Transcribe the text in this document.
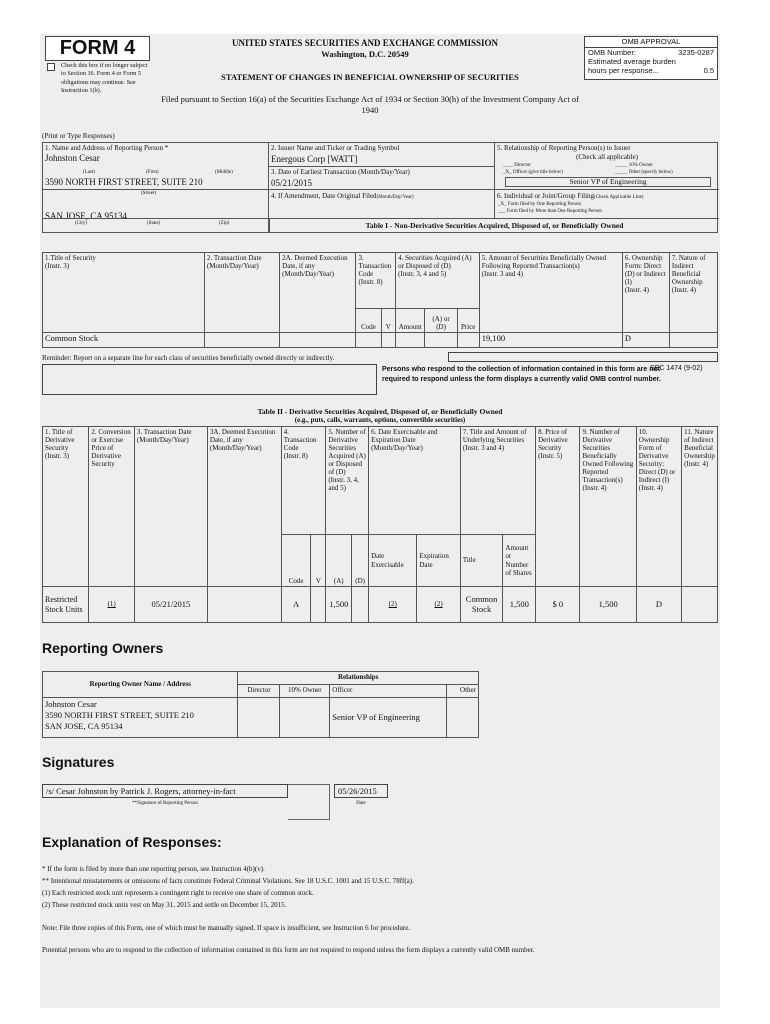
FORM 4
Check this box if no longer subject to Section 16. Form 4 or Form 5 obligations may continue. See Instruction 1(b).
UNITED STATES SECURITIES AND EXCHANGE COMMISSION
Washington, D.C. 20549
STATEMENT OF CHANGES IN BENEFICIAL OWNERSHIP OF SECURITIES
Filed pursuant to Section 16(a) of the Securities Exchange Act of 1934 or Section 30(h) of the Investment Company Act of 1940
OMB APPROVAL
OMB Number:	3235-0287
Estimated average burden
hours per response...	0.5
(Print or Type Responses)
1. Name and Address of Reporting Person *
Johnston Cesar
(Last)	(First)	(Middle)
3590 NORTH FIRST STREET, SUITE 210
(Street)
SAN JOSE, CA 95134
2. Issuer Name and Ticker or Trading Symbol
Energous Corp [WATT]
3. Date of Earliest Transaction (Month/Day/Year)
05/21/2015
4. If Amendment, Date Original Filed(Month/Day/Year)
5. Relationship of Reporting Person(s) to Issuer
(Check all applicable)
____ Director	_____ 10% Owner
_X_ Officer (give title below)	_____ Other (specify below)
Senior VP of Engineering
6. Individual or Joint/Group Filing(Check Applicable Line)
_X_ Form filed by One Reporting Person
___ Form filed by More than One Reporting Person
(City)	(State)	(Zip)	Table I - Non-Derivative Securities Acquired, Disposed of, or Beneficially Owned
1.Title of Security
(Instr. 3)	2. Transaction Date
(Month/Day/Year)	2A. Deemed Execution Date, if any
(Month/Day/Year)	3. Transaction Code
(Instr. 8)		4. Securities Acquired (A) or Disposed of (D)
(Instr. 3, 4 and 5)			5. Amount of Securities Beneficially Owned Following Reported Transaction(s)
(Instr. 3 and 4)	6. Ownership Form: Direct (D) or Indirect (I)
(Instr. 4)	7. Nature of Indirect Beneficial Ownership
(Instr. 4)
			Code	V	Amount	(A) or (D)	Price			
Common Stock								19,100	D	
Reminder: Report on a separate line for each class of securities beneficially owned directly or indirectly.
Persons who respond to the collection of information contained in this form are not required to respond unless the form displays a currently valid OMB control number.
SEC 1474 (9-02)
Table II - Derivative Securities Acquired, Disposed of, or Beneficially Owned
(e.g., puts, calls, warrants, options, convertible securities)
1. Title of Derivative Security
(Instr. 3)	2. Conversion or Exercise Price of Derivative Security	3. Transaction Date
(Month/Day/Year)	3A. Deemed Execution Date, if any
(Month/Day/Year)	4. Transaction Code
(Instr. 8)		5. Number of Derivative Securities Acquired (A) or Disposed of (D)
(Instr. 3, 4, and 5)		6. Date Exercisable and Expiration Date
(Month/Day/Year)		7. Title and Amount of Underlying Securities
(Instr. 3 and 4)		8. Price of Derivative Security
(Instr. 5)	9. Number of Derivative Securities Beneficially Owned Following Reported Transaction(s)
(Instr. 4)	10. Ownership Form of Derivative Security: Direct (D) or Indirect (I)
(Instr. 4)	11. Nature of Indirect Beneficial Ownership
(Instr. 4)
				Code	V	(A)	(D)	Date Exercisable	Expiration Date	Title	Amount or Number of Shares				
Restricted Stock Units	(1)	05/21/2015		A		1,500		(2)	(2)	Common Stock	1,500	$ 0	1,500	D	
Reporting Owners
Reporting Owner Name / Address	Relationships			
	Director	10% Owner	Officer	Other
Johnston Cesar
3590 NORTH FIRST STREET, SUITE 210
SAN JOSE, CA 95134			Senior VP of Engineering	
Signatures
/s/ Cesar Johnston by Patrick J. Rogers, attorney-in-fact
**Signature of Reporting Person
05/26/2015
Date
Explanation of Responses:
* If the form is filed by more than one reporting person, see Instruction 4(b)(v).
** Intentional misstatements or omissions of facts constitute Federal Criminal Violations. See 18 U.S.C. 1001 and 15 U.S.C. 78ff(a).
(1) Each restricted stock unit represents a contingent right to receive one share of common stock.
(2) These restricted stock units vest on May 31, 2015 and settle on December 15, 2015.
Note: File three copies of this Form, one of which must be manually signed. If space is insufficient, see Instruction 6 for procedure.
Potential persons who are to respond to the collection of information contained in this form are not required to respond unless the form displays a currently valid OMB number.
